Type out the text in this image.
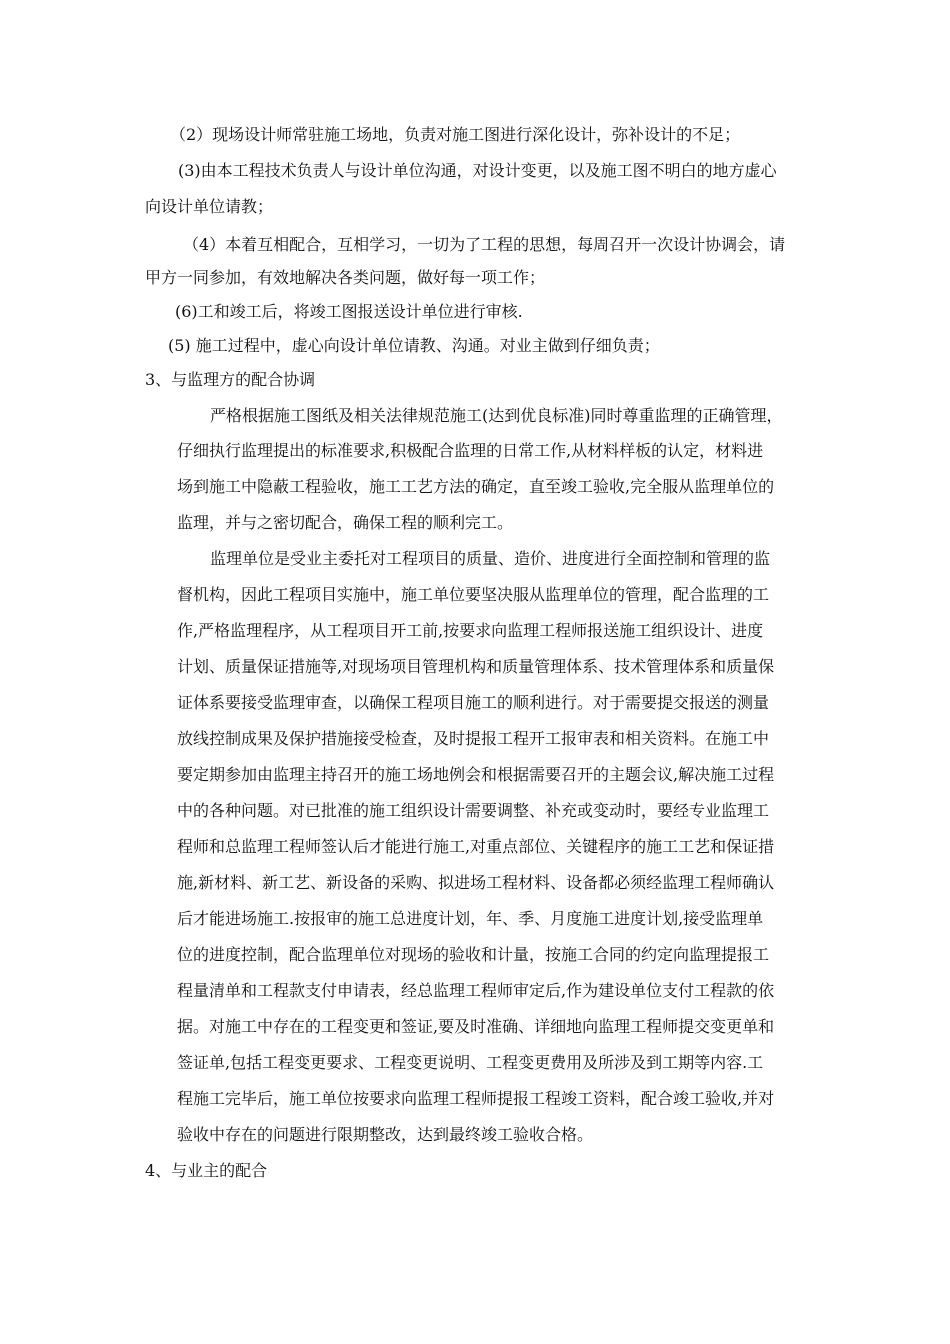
（2）现场设计师常驻施工场地，负责对施工图进行深化设计，弥补设计的不足；
(3)由本工程技术负责人与设计单位沟通，对设计变更，以及施工图不明白的地方虚心
向设计单位请教；
（4）本着互相配合，互相学习，一切为了工程的思想，每周召开一次设计协调会，请
甲方一同参加，有效地解决各类问题，做好每一项工作；
(6)工和竣工后，将竣工图报送设计单位进行审核.
(5) 施工过程中，虚心向设计单位请教、沟通。对业主做到仔细负责；
3、与监理方的配合协调
严格根据施工图纸及相关法律规范施工(达到优良标准)同时尊重监理的正确管理，
仔细执行监理提出的标准要求,积极配合监理的日常工作,从材料样板的认定，材料进
场到施工中隐蔽工程验收，施工工艺方法的确定，直至竣工验收,完全服从监理单位的
监理，并与之密切配合，确保工程的顺利完工。
监理单位是受业主委托对工程项目的质量、造价、进度进行全面控制和管理的监
督机构，因此工程项目实施中，施工单位要坚决服从监理单位的管理，配合监理的工
作,严格监理程序，从工程项目开工前,按要求向监理工程师报送施工组织设计、进度
计划、质量保证措施等,对现场项目管理机构和质量管理体系、技术管理体系和质量保
证体系要接受监理审查，以确保工程项目施工的顺利进行。对于需要提交报送的测量
放线控制成果及保护措施接受检查，及时提报工程开工报审表和相关资料。在施工中
要定期参加由监理主持召开的施工场地例会和根据需要召开的主题会议,解决施工过程
中的各种问题。对已批准的施工组织设计需要调整、补充或变动时，要经专业监理工
程师和总监理工程师签认后才能进行施工,对重点部位、关键程序的施工工艺和保证措
施,新材料、新工艺、新设备的采购、拟进场工程材料、设备都必须经监理工程师确认
后才能进场施工.按报审的施工总进度计划，年、季、月度施工进度计划,接受监理单
位的进度控制，配合监理单位对现场的验收和计量，按施工合同的约定向监理提报工
程量清单和工程款支付申请表，经总监理工程师审定后,作为建设单位支付工程款的依
据。对施工中存在的工程变更和签证,要及时准确、详细地向监理工程师提交变更单和
签证单,包括工程变更要求、工程变更说明、工程变更费用及所涉及到工期等内容.工
程施工完毕后，施工单位按要求向监理工程师提报工程竣工资料，配合竣工验收,并对
验收中存在的问题进行限期整改，达到最终竣工验收合格。
4、与业主的配合
